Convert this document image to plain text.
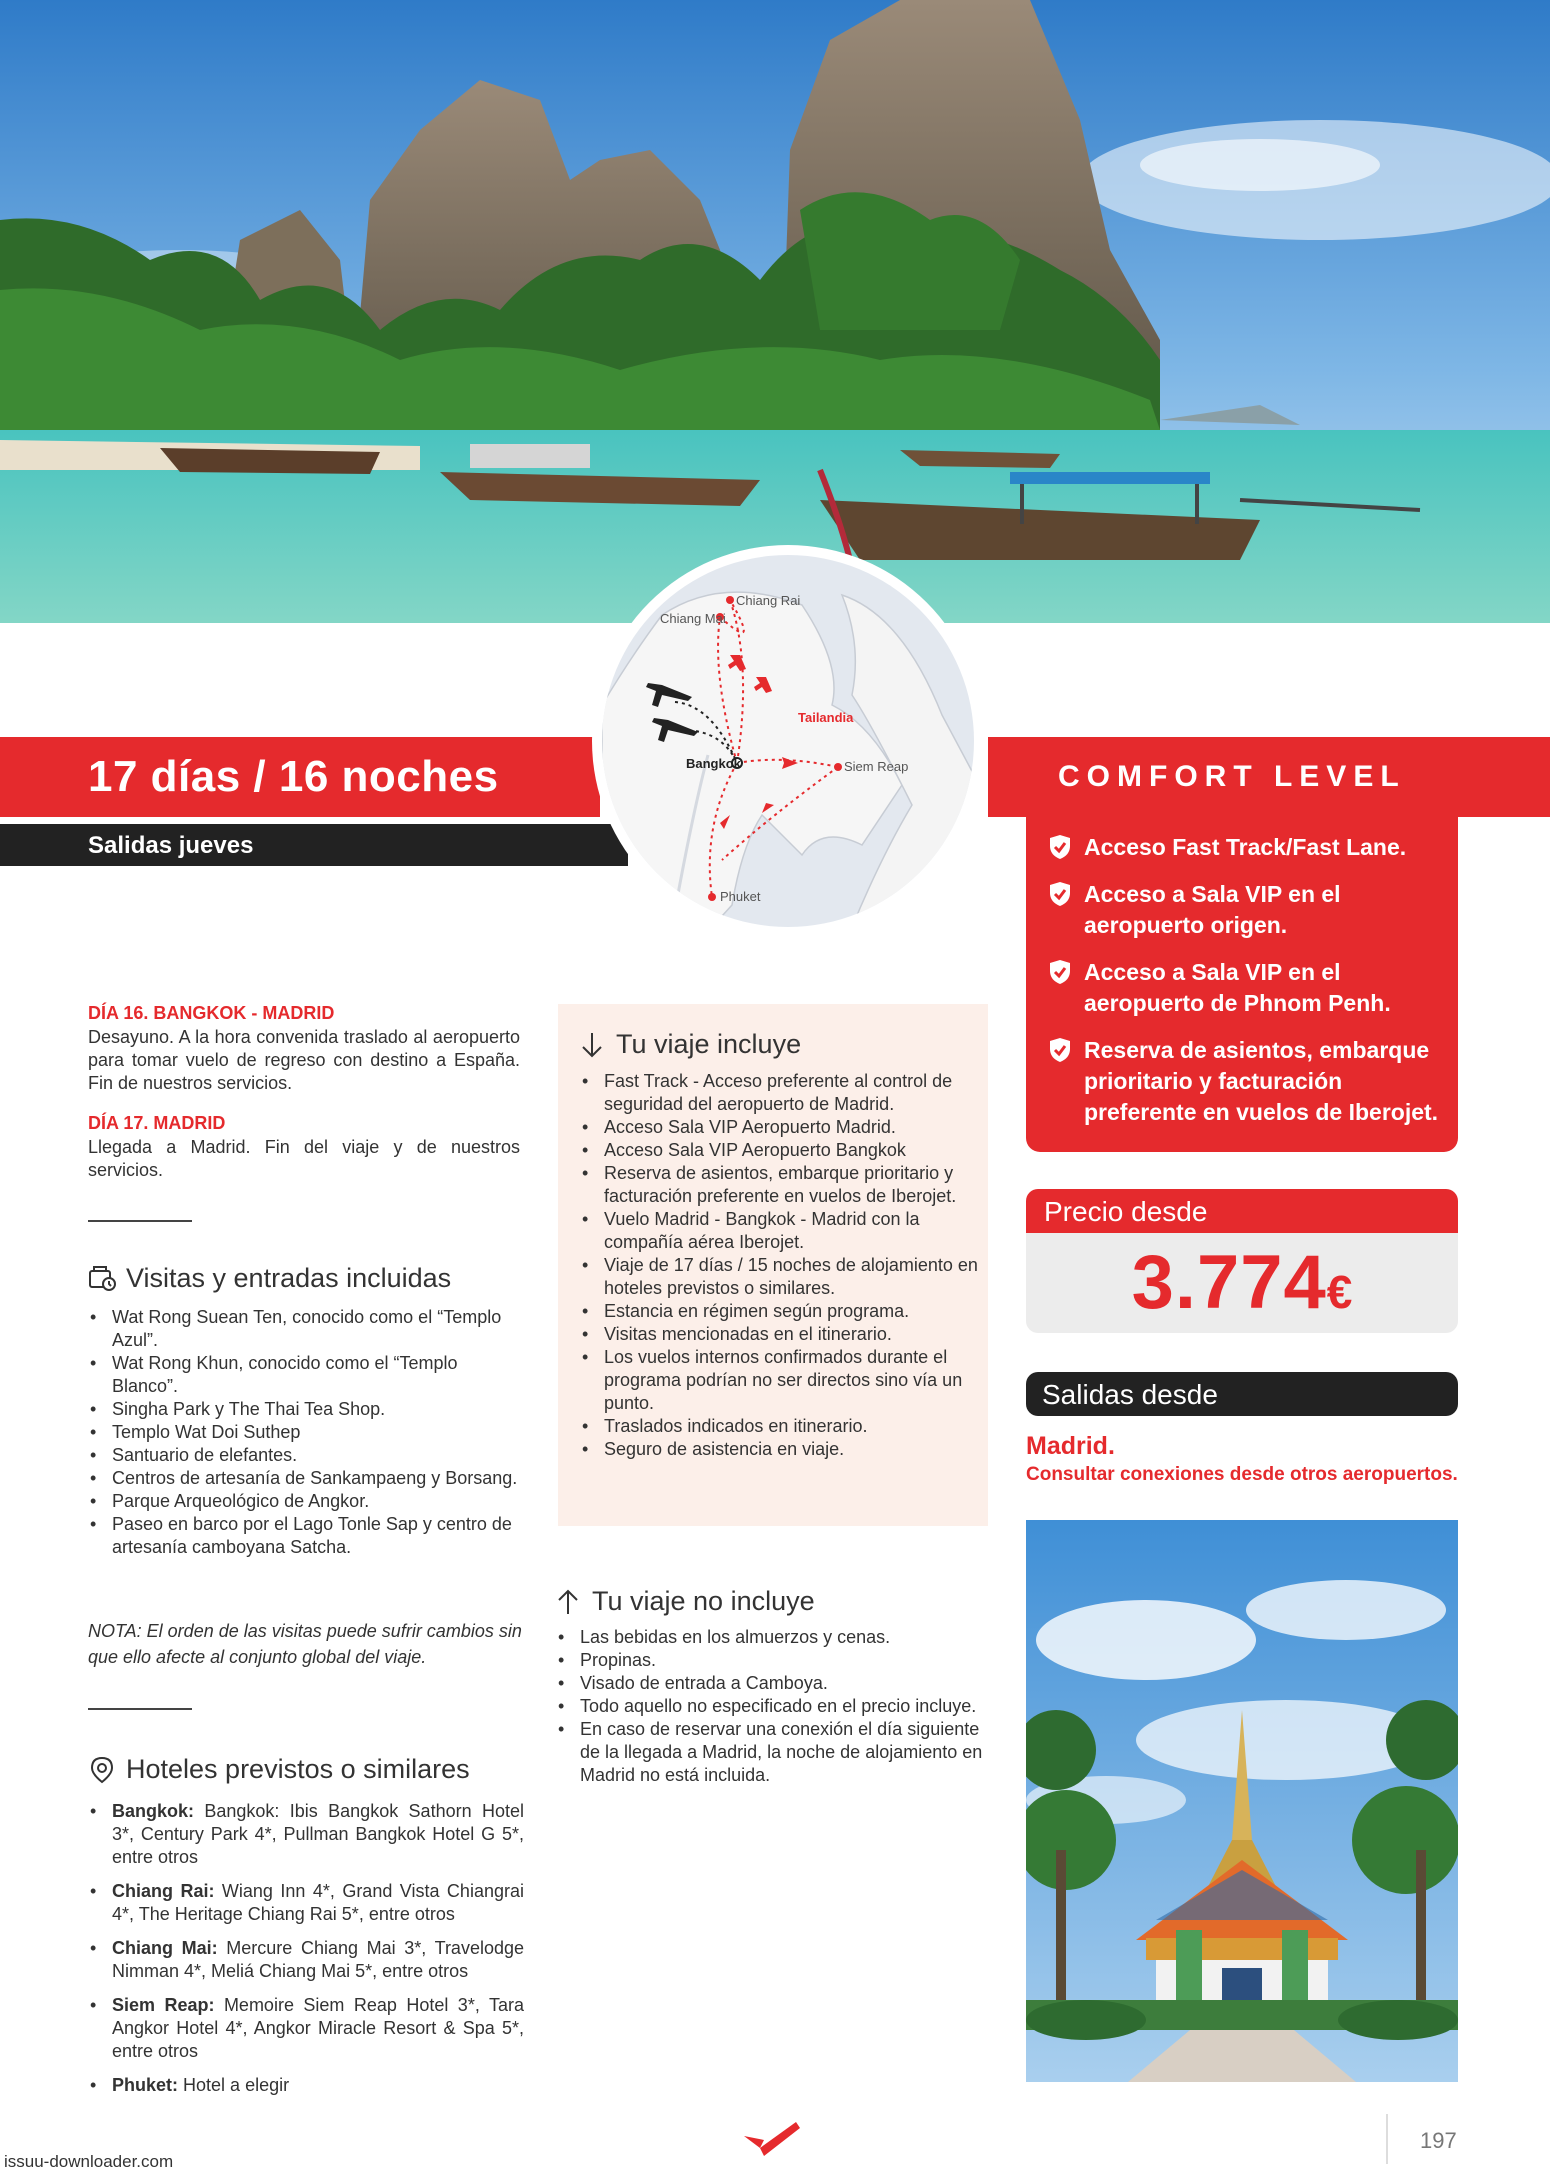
Chiang Rai
Chiang Mai
Bangkok	Siem Reap
Phuket
Tailandia
17 días / 16 noches
Salidas jueves
COMFORT LEVEL
Acceso Fast Track/Fast Lane.
Acceso a Sala VIP en el aeropuerto origen.
Acceso a Sala VIP en el aeropuerto de Phnom Penh.
Reserva de asientos, embarque prioritario y facturación preferente en vuelos de Iberojet.
Precio desde
3.774€
Salidas desde
Madrid.
Consultar conexiones desde otros aeropuertos.
DÍA 16. BANGKOK - MADRID
Desayuno. A la hora convenida traslado al aeropuerto para tomar vuelo de regreso con destino a España. Fin de nuestros servicios.
DÍA 17. MADRID
Llegada a Madrid. Fin del viaje y de nuestros servicios.
Visitas y entradas incluidas
• Wat Rong Suean Ten, conocido como el “Templo Azul”.
• Wat Rong Khun, conocido como el “Templo Blanco”.
• Singha Park y The Thai Tea Shop.
• Templo Wat Doi Suthep
• Santuario de elefantes.
• Centros de artesanía de Sankampaeng y Borsang.
• Parque Arqueológico de Angkor.
• Paseo en barco por el Lago Tonle Sap y centro de artesanía camboyana Satcha.
NOTA: El orden de las visitas puede sufrir cambios sin que ello afecte al conjunto global del viaje.
Hoteles previstos o similares
• Bangkok: Bangkok: Ibis Bangkok Sathorn Hotel 3*, Century Park 4*, Pullman Bangkok Hotel G 5*, entre otros
• Chiang Rai: Wiang Inn 4*, Grand Vista Chiangrai 4*, The Heritage Chiang Rai 5*, entre otros
• Chiang Mai: Mercure Chiang Mai 3*, Travelodge Nimman 4*, Meliá Chiang Mai 5*, entre otros
• Siem Reap: Memoire Siem Reap Hotel 3*, Tara Angkor Hotel 4*, Angkor Miracle Resort & Spa 5*, entre otros
• Phuket: Hotel a elegir
Tu viaje incluye
• Fast Track - Acceso preferente al control de seguridad del aeropuerto de Madrid.
• Acceso Sala VIP Aeropuerto Madrid.
• Acceso Sala VIP Aeropuerto Bangkok
• Reserva de asientos, embarque prioritario y facturación preferente en vuelos de Iberojet.
• Vuelo Madrid - Bangkok - Madrid con la compañía aérea Iberojet.
• Viaje de 17 días / 15 noches de alojamiento en hoteles previstos o similares.
• Estancia en régimen según programa.
• Visitas mencionadas en el itinerario.
• Los vuelos internos confirmados durante el programa podrían no ser directos sino vía un punto.
• Traslados indicados en itinerario.
• Seguro de asistencia en viaje.
Tu viaje no incluye
• Las bebidas en los almuerzos y cenas.
• Propinas.
• Visado de entrada a Camboya.
• Todo aquello no especificado en el precio incluye.
• En caso de reservar una conexión el día siguiente de la llegada a Madrid, la noche de alojamiento en Madrid no está incluida.
197
issuu-downloader.com
